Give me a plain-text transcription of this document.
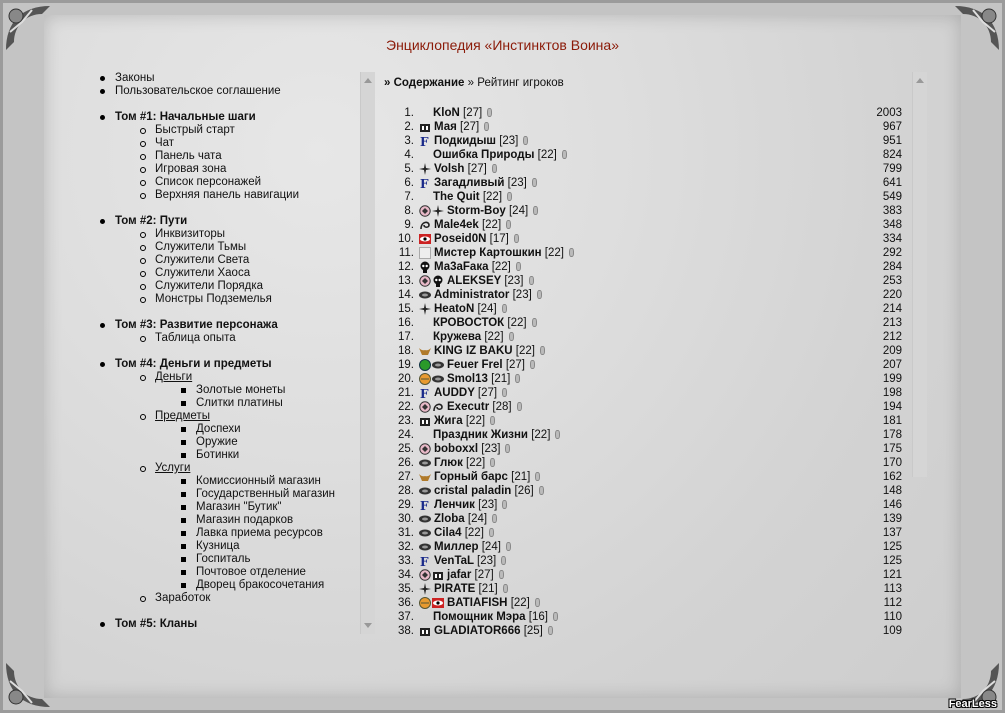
Энциклопедия «Инстинктов Воина»
Законы
Пользовательское соглашение
Том #1: Начальные шаги
Быстрый старт
Чат
Панель чата
Игровая зона
Список персонажей
Верхняя панель навигации
Том #2: Пути
Инквизиторы
Служители Тьмы
Служители Света
Служители Хаоса
Служители Порядка
Монстры Подземелья
Том #3: Развитие персонажа
Таблица опыта
Том #4: Деньги и предметы
Деньги
Золотые монеты
Слитки платины
Предметы
Доспехи
Оружие
Ботинки
Услуги
Комиссионный магазин
Государственный магазин
Магазин "Бутик"
Магазин подарков
Лавка приема ресурсов
Кузница
Госпиталь
Почтовое отделение
Дворец бракосочетания
Заработок
Том #5: Кланы
» Содержание » Рейтинг игроков
1. KloN [27]	2003
2. Мая [27]	967
3. F Подкидыш [23]	951
4. Ошибка Природы [22]	824
5. Volsh [27]	799
6. F Загадливый [23]	641
7. The Quit [22]	549
8.	Storm-Boy [24]	383
9. Male4ek [22]	348
10. Poseid0N [17]	334
11. Мистер Картошкин [22]	292
12. Ма3аFака [22]	284
13.	ALEKSEY [23]	253
14. Administrator [23]	220
15. HeatoN [24]	214
16. КРОВОСТОК [22]	213
17. Кружева [22]	212
18. KING IZ BAKU [22]	209
19.	Feuer Frel [27]	207
20.	Smol13 [21]	199
21. F AUDDY [27]	198
22.	Executr [28]	194
23. Жига [22]	181
24. Праздник Жизни [22]	178
25. boboxxl [23]	175
26. Глюк [22]	170
27. Горный барс [21]	162
28. cristal paladin [26]	148
29. F Ленчик [23]	146
30. Zloba [24]	139
31. Cila4 [22]	137
32. Миллер [24]	125
33. F VenTaL [23]	125
34.	jafar [27]	121
35. PIRATE [21]	113
36.	BATIAFISH [22]	112
37. Помощник Мэра [16]	110
38. GLADIATOR666 [25]	109
FearLess
